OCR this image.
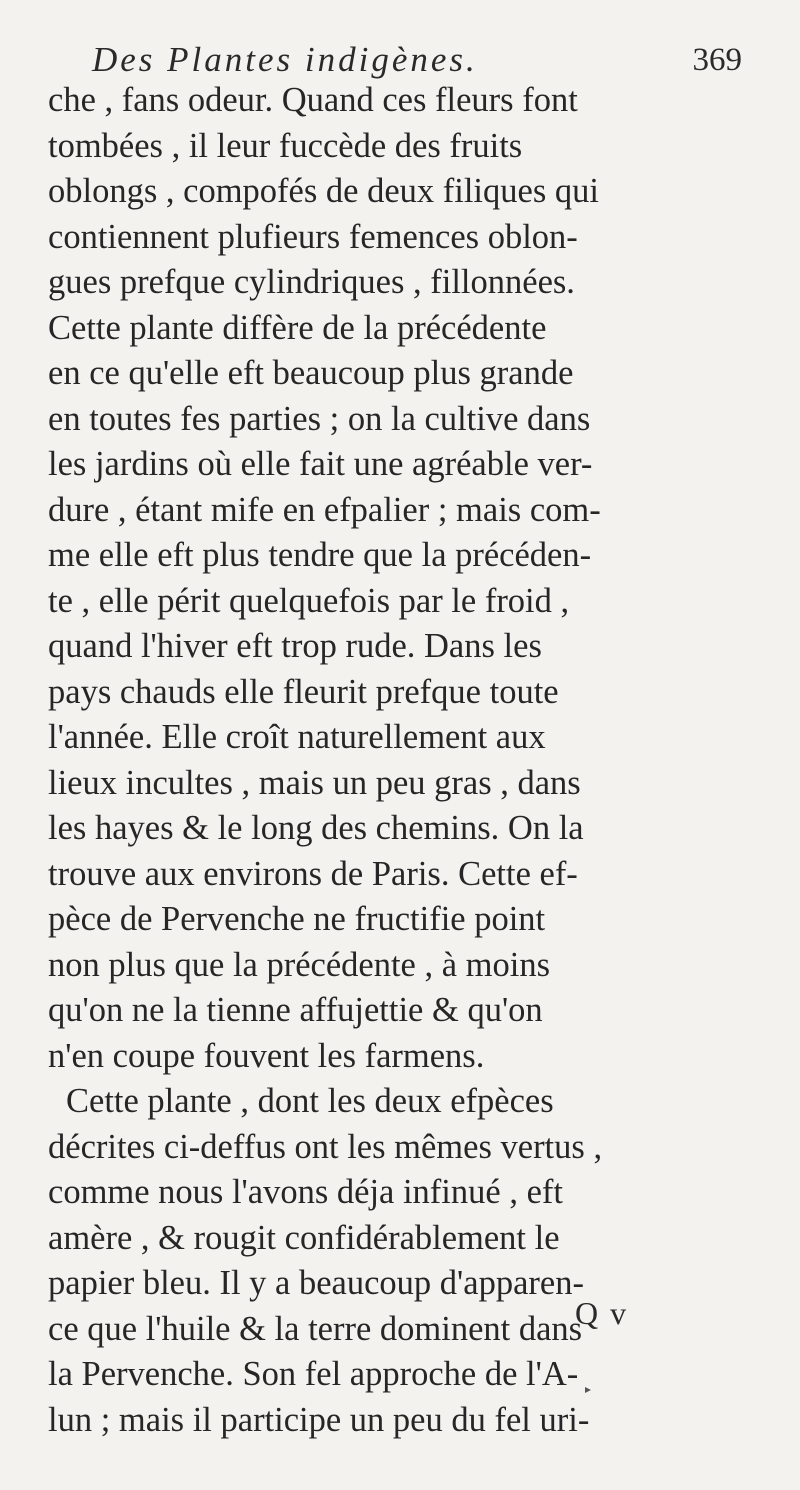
Des Plantes indigènes.	369
che , fans odeur. Quand ces fleurs font
tombées , il leur fuccède des fruits
oblongs , compofés de deux filiques qui
contiennent plufieurs femences oblon-
gues prefque cylindriques , fillonnées.
Cette plante diffère de la précédente
en ce qu'elle eft beaucoup plus grande
en toutes fes parties ; on la cultive dans
les jardins où elle fait une agréable ver-
dure , étant mife en efpalier ; mais com-
me elle eft plus tendre que la précéden-
te , elle périt quelquefois par le froid ,
quand l'hiver eft trop rude. Dans les
pays chauds elle fleurit prefque toute
l'année. Elle croît naturellement aux
lieux incultes , mais un peu gras , dans
les hayes & le long des chemins. On la
trouve aux environs de Paris. Cette ef-
pèce de Pervenche ne fructifie point
non plus que la précédente , à moins
qu'on ne la tienne affujettie & qu'on
n'en coupe fouvent les farmens.
Cette plante , dont les deux efpèces
décrites ci-deffus ont les mêmes vertus ,
comme nous l'avons déja infinué , eft
amère , & rougit confidérablement le
papier bleu. Il y a beaucoup d'apparen-
ce que l'huile & la terre dominent dans
la Pervenche. Son fel approche de l'A-
lun ; mais il participe un peu du fel uri-
Q v
